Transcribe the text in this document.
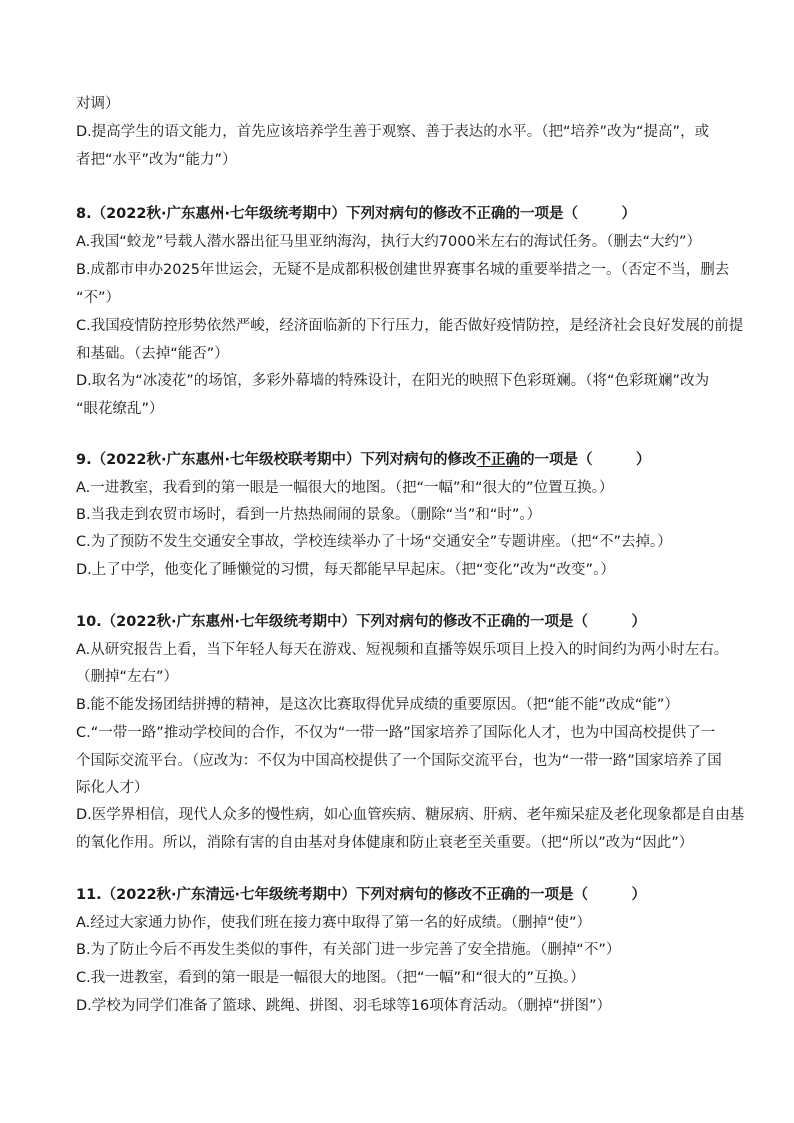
对调）
D.提高学生的语文能力，首先应该培养学生善于观察、善于表达的水平。（把“培养”改为“提高”，或
者把“水平”改为“能力”）
8.（2022秋·广东惠州·七年级统考期中）下列对病句的修改不正确的一项是（　　　）
A.我国“蛟龙”号载人潜水器出征马里亚纳海沟，执行大约7000米左右的海试任务。（删去“大约”）
B.成都市申办2025年世运会，无疑不是成都积极创建世界赛事名城的重要举措之一。（否定不当，删去
“不”）
C.我国疫情防控形势依然严峻，经济面临新的下行压力，能否做好疫情防控，是经济社会良好发展的前提
和基础。（去掉“能否”）
D.取名为“冰凌花”的场馆，多彩外幕墙的特殊设计，在阳光的映照下色彩斑斓。（将“色彩斑斓”改为
“眼花缭乱”）
9.（2022秋·广东惠州·七年级校联考期中）下列对病句的修改不正确的一项是（　　　）
A.一进教室，我看到的第一眼是一幅很大的地图。（把“一幅”和“很大的”位置互换。）
B.当我走到农贸市场时，看到一片热热闹闹的景象。（删除“当”和“时”。）
C.为了预防不发生交通安全事故，学校连续举办了十场“交通安全”专题讲座。（把“不”去掉。）
D.上了中学，他变化了睡懒觉的习惯，每天都能早早起床。（把“变化”改为“改变”。）
10.（2022秋·广东惠州·七年级统考期中）下列对病句的修改不正确的一项是（　　　）
A.从研究报告上看，当下年轻人每天在游戏、短视频和直播等娱乐项目上投入的时间约为两小时左右。
（删掉“左右”）
B.能不能发扬团结拼搏的精神，是这次比赛取得优异成绩的重要原因。（把“能不能”改成“能”）
C.“一带一路”推动学校间的合作，不仅为“一带一路”国家培养了国际化人才，也为中国高校提供了一
个国际交流平台。（应改为：不仅为中国高校提供了一个国际交流平台，也为“一带一路”国家培养了国
际化人才）
D.医学界相信，现代人众多的慢性病，如心血管疾病、糖尿病、肝病、老年痴呆症及老化现象都是自由基
的氧化作用。所以，消除有害的自由基对身体健康和防止衰老至关重要。（把“所以”改为“因此”）
11.（2022秋·广东清远·七年级统考期中）下列对病句的修改不正确的一项是（　　　）
A.经过大家通力协作，使我们班在接力赛中取得了第一名的好成绩。（删掉“使”）
B.为了防止今后不再发生类似的事件，有关部门进一步完善了安全措施。（删掉“不”）
C.我一进教室，看到的第一眼是一幅很大的地图。（把“一幅”和“很大的”互换。）
D.学校为同学们准备了篮球、跳绳、拼图、羽毛球等16项体育活动。（删掉“拼图”）
